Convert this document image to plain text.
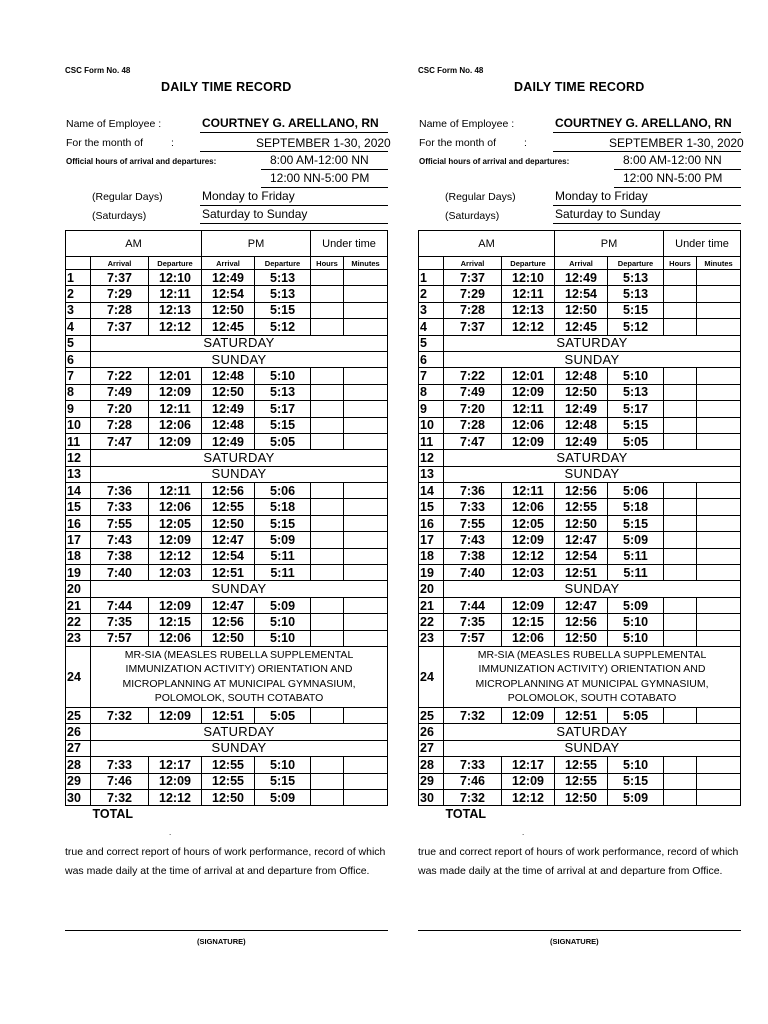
CSC Form No. 48
DAILY TIME RECORD
Name of Employee :	COURTNEY G. ARELLANO, RN
For the month of	:	SEPTEMBER 1-30, 2020
Official hours of arrival and departures:	8:00 AM-12:00 NN
12:00 NN-5:00 PM
(Regular Days)	Monday to Friday
(Saturdays)	Saturday to Sunday
AM			PM		Under time	
	Arrival	Departure	Arrival	Departure	Hours	Minutes
1	7:37	12:10	12:49	5:13		
2	7:29	12:11	12:54	5:13		
3	7:28	12:13	12:50	5:15		
4	7:37	12:12	12:45	5:12		
5	SATURDAY					
6	SUNDAY					
7	7:22	12:01	12:48	5:10		
8	7:49	12:09	12:50	5:13		
9	7:20	12:11	12:49	5:17		
10	7:28	12:06	12:48	5:15		
11	7:47	12:09	12:49	5:05		
12	SATURDAY					
13	SUNDAY					
14	7:36	12:11	12:56	5:06		
15	7:33	12:06	12:55	5:18		
16	7:55	12:05	12:50	5:15		
17	7:43	12:09	12:47	5:09		
18	7:38	12:12	12:54	5:11		
19	7:40	12:03	12:51	5:11		
20	SUNDAY					
21	7:44	12:09	12:47	5:09		
22	7:35	12:15	12:56	5:10		
23	7:57	12:06	12:50	5:10		
24	MR-SIA (MEASLES RUBELLA SUPPLEMENTAL IMMUNIZATION ACTIVITY) ORIENTATION AND MICROPLANNING AT MUNICIPAL GYMNASIUM, POLOMOLOK, SOUTH COTABATO					
25	7:32	12:09	12:51	5:05		
26	SATURDAY					
27	SUNDAY					
28	7:33	12:17	12:55	5:10		
29	7:46	12:09	12:55	5:15		
30	7:32	12:12	12:50	5:09		
TOTAL						
.
true and correct report of hours of work performance, record of which was made daily at the time of arrival at and departure from Office.
(SIGNATURE)
CSC Form No. 48
DAILY TIME RECORD
Name of Employee :	COURTNEY G. ARELLANO, RN
For the month of	:	SEPTEMBER 1-30, 2020
Official hours of arrival and departures:	8:00 AM-12:00 NN
12:00 NN-5:00 PM
(Regular Days)	Monday to Friday
(Saturdays)	Saturday to Sunday
AM			PM		Under time	
	Arrival	Departure	Arrival	Departure	Hours	Minutes
1	7:37	12:10	12:49	5:13		
2	7:29	12:11	12:54	5:13		
3	7:28	12:13	12:50	5:15		
4	7:37	12:12	12:45	5:12		
5	SATURDAY					
6	SUNDAY					
7	7:22	12:01	12:48	5:10		
8	7:49	12:09	12:50	5:13		
9	7:20	12:11	12:49	5:17		
10	7:28	12:06	12:48	5:15		
11	7:47	12:09	12:49	5:05		
12	SATURDAY					
13	SUNDAY					
14	7:36	12:11	12:56	5:06		
15	7:33	12:06	12:55	5:18		
16	7:55	12:05	12:50	5:15		
17	7:43	12:09	12:47	5:09		
18	7:38	12:12	12:54	5:11		
19	7:40	12:03	12:51	5:11		
20	SUNDAY					
21	7:44	12:09	12:47	5:09		
22	7:35	12:15	12:56	5:10		
23	7:57	12:06	12:50	5:10		
24	MR-SIA (MEASLES RUBELLA SUPPLEMENTAL IMMUNIZATION ACTIVITY) ORIENTATION AND MICROPLANNING AT MUNICIPAL GYMNASIUM, POLOMOLOK, SOUTH COTABATO					
25	7:32	12:09	12:51	5:05		
26	SATURDAY					
27	SUNDAY					
28	7:33	12:17	12:55	5:10		
29	7:46	12:09	12:55	5:15		
30	7:32	12:12	12:50	5:09		
TOTAL						
.
true and correct report of hours of work performance, record of which was made daily at the time of arrival at and departure from Office.
(SIGNATURE)
